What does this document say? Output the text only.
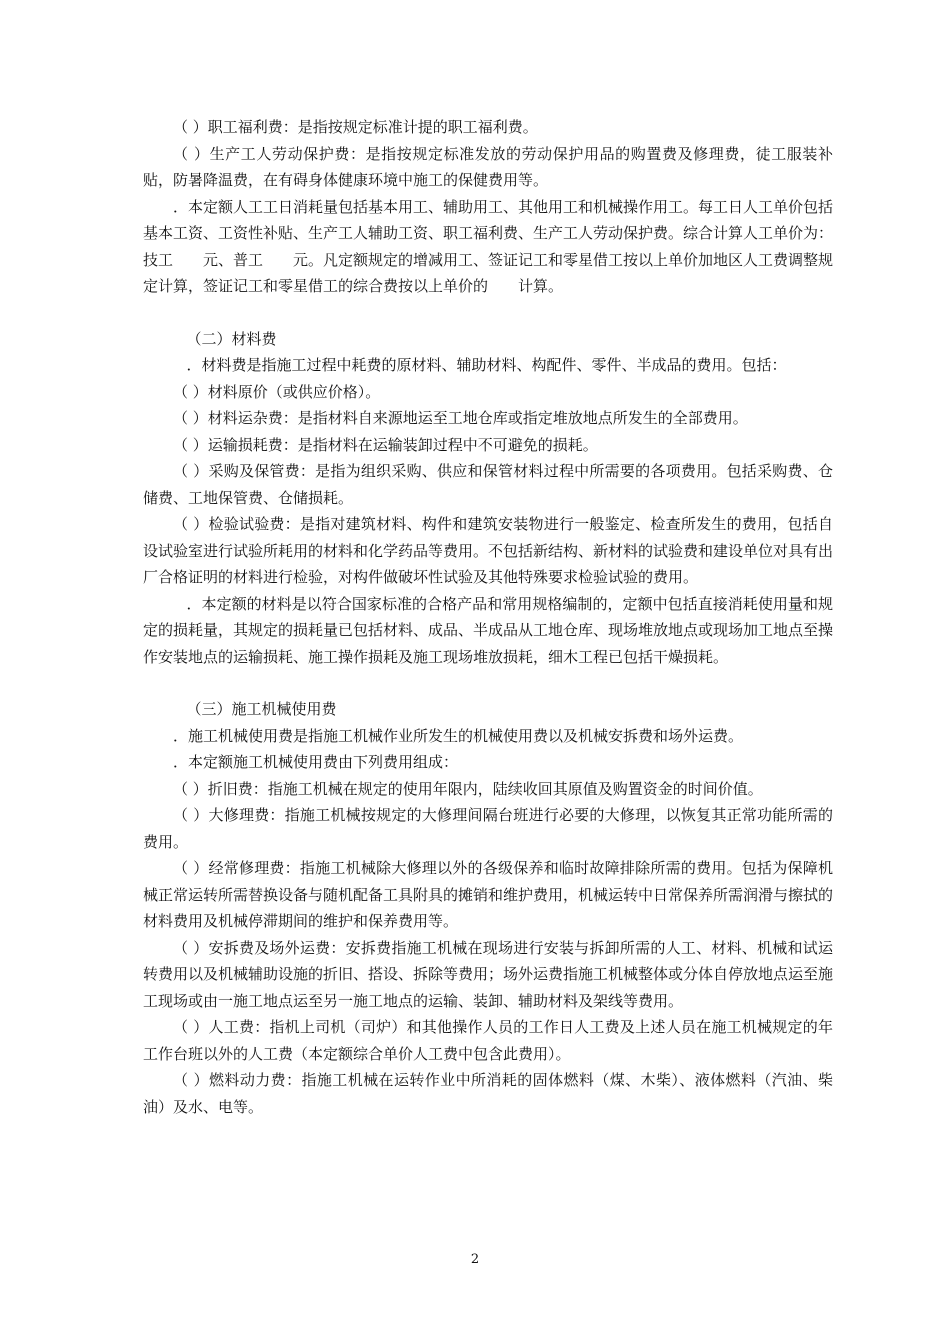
（ ）职工福利费：是指按规定标准计提的职工福利费。

（ ）生产工人劳动保护费：是指按规定标准发放的劳动保护用品的购置费及修理费，徒工服装补贴，防暑降温费，在有碍身体健康环境中施工的保健费用等。

．本定额人工工日消耗量包括基本用工、辅助用工、其他用工和机械操作用工。每工日人工单价包括基本工资、工资性补贴、生产工人辅助工资、职工福利费、生产工人劳动保护费。综合计算人工单价为：技工　　元、普工　　元。凡定额规定的增减用工、签证记工和零星借工按以上单价加地区人工费调整规定计算，签证记工和零星借工的综合费按以上单价的　　计算。

（二）材料费

．材料费是指施工过程中耗费的原材料、辅助材料、构配件、零件、半成品的费用。包括：

（ ）材料原价（或供应价格）。

（ ）材料运杂费：是指材料自来源地运至工地仓库或指定堆放地点所发生的全部费用。

（ ）运输损耗费：是指材料在运输装卸过程中不可避免的损耗。

（ ）采购及保管费：是指为组织采购、供应和保管材料过程中所需要的各项费用。包括采购费、仓储费、工地保管费、仓储损耗。

（ ）检验试验费：是指对建筑材料、构件和建筑安装物进行一般鉴定、检查所发生的费用，包括自设试验室进行试验所耗用的材料和化学药品等费用。不包括新结构、新材料的试验费和建设单位对具有出厂合格证明的材料进行检验，对构件做破坏性试验及其他特殊要求检验试验的费用。

．本定额的材料是以符合国家标准的合格产品和常用规格编制的，定额中包括直接消耗使用量和规定的损耗量，其规定的损耗量已包括材料、成品、半成品从工地仓库、现场堆放地点或现场加工地点至操作安装地点的运输损耗、施工操作损耗及施工现场堆放损耗，细木工程已包括干燥损耗。

（三）施工机械使用费

．施工机械使用费是指施工机械作业所发生的机械使用费以及机械安拆费和场外运费。

．本定额施工机械使用费由下列费用组成：

（ ）折旧费：指施工机械在规定的使用年限内，陆续收回其原值及购置资金的时间价值。

（ ）大修理费：指施工机械按规定的大修理间隔台班进行必要的大修理，以恢复其正常功能所需的费用。

（ ）经常修理费：指施工机械除大修理以外的各级保养和临时故障排除所需的费用。包括为保障机械正常运转所需替换设备与随机配备工具附具的摊销和维护费用，机械运转中日常保养所需润滑与擦拭的材料费用及机械停滞期间的维护和保养费用等。

（ ）安拆费及场外运费：安拆费指施工机械在现场进行安装与拆卸所需的人工、材料、机械和试运转费用以及机械辅助设施的折旧、搭设、拆除等费用；场外运费指施工机械整体或分体自停放地点运至施工现场或由一施工地点运至另一施工地点的运输、装卸、辅助材料及架线等费用。

（ ）人工费：指机上司机（司炉）和其他操作人员的工作日人工费及上述人员在施工机械规定的年工作台班以外的人工费（本定额综合单价人工费中包含此费用）。

（ ）燃料动力费：指施工机械在运转作业中所消耗的固体燃料（煤、木柴）、液体燃料（汽油、柴油）及水、电等。

2
